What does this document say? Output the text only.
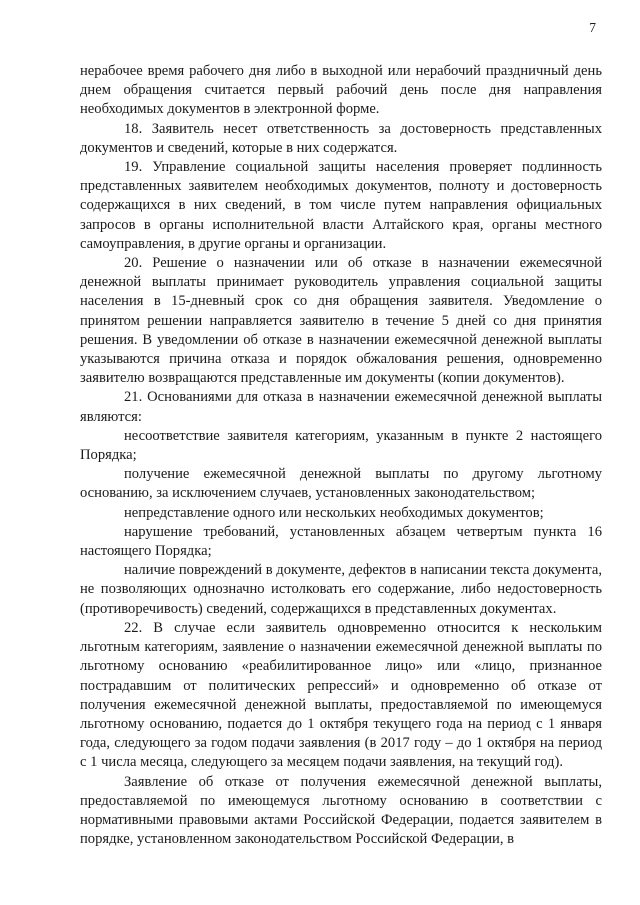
7

нерабочее время рабочего дня либо в выходной или нерабочий праздничный день днем обращения считается первый рабочий день после дня направления необходимых документов в электронной форме.

18. Заявитель несет ответственность за достоверность представленных документов и сведений, которые в них содержатся.

19. Управление социальной защиты населения проверяет подлинность представленных заявителем необходимых документов, полноту и достоверность содержащихся в них сведений, в том числе путем направления официальных запросов в органы исполнительной власти Алтайского края, органы местного самоуправления, в другие органы и организации.

20. Решение о назначении или об отказе в назначении ежемесячной денежной выплаты принимает руководитель управления социальной защиты населения в 15-дневный срок со дня обращения заявителя. Уведомление о принятом решении направляется заявителю в течение 5 дней со дня принятия решения. В уведомлении об отказе в назначении ежемесячной денежной выплаты указываются причина отказа и порядок обжалования решения, одновременно заявителю возвращаются представленные им документы (копии документов).

21. Основаниями для отказа в назначении ежемесячной денежной выплаты являются:

несоответствие заявителя категориям, указанным в пункте 2 настоящего Порядка;

получение ежемесячной денежной выплаты по другому льготному основанию, за исключением случаев, установленных законодательством;

непредставление одного или нескольких необходимых документов;

нарушение требований, установленных абзацем четвертым пункта 16 настоящего Порядка;

наличие повреждений в документе, дефектов в написании текста документа, не позволяющих однозначно истолковать его содержание, либо недостоверность (противоречивость) сведений, содержащихся в представленных документах.

22. В случае если заявитель одновременно относится к нескольким льготным категориям, заявление о назначении ежемесячной денежной выплаты по льготному основанию «реабилитированное лицо» или «лицо, признанное пострадавшим от политических репрессий» и одновременно об отказе от получения ежемесячной денежной выплаты, предоставляемой по имеющемуся льготному основанию, подается до 1 октября текущего года на период с 1 января года, следующего за годом подачи заявления (в 2017 году – до 1 октября на период с 1 числа месяца, следующего за месяцем подачи заявления, на текущий год).

Заявление об отказе от получения ежемесячной денежной выплаты, предоставляемой по имеющемуся льготному основанию в соответствии с нормативными правовыми актами Российской Федерации, подается заявителем в порядке, установленном законодательством Российской Федерации, в
